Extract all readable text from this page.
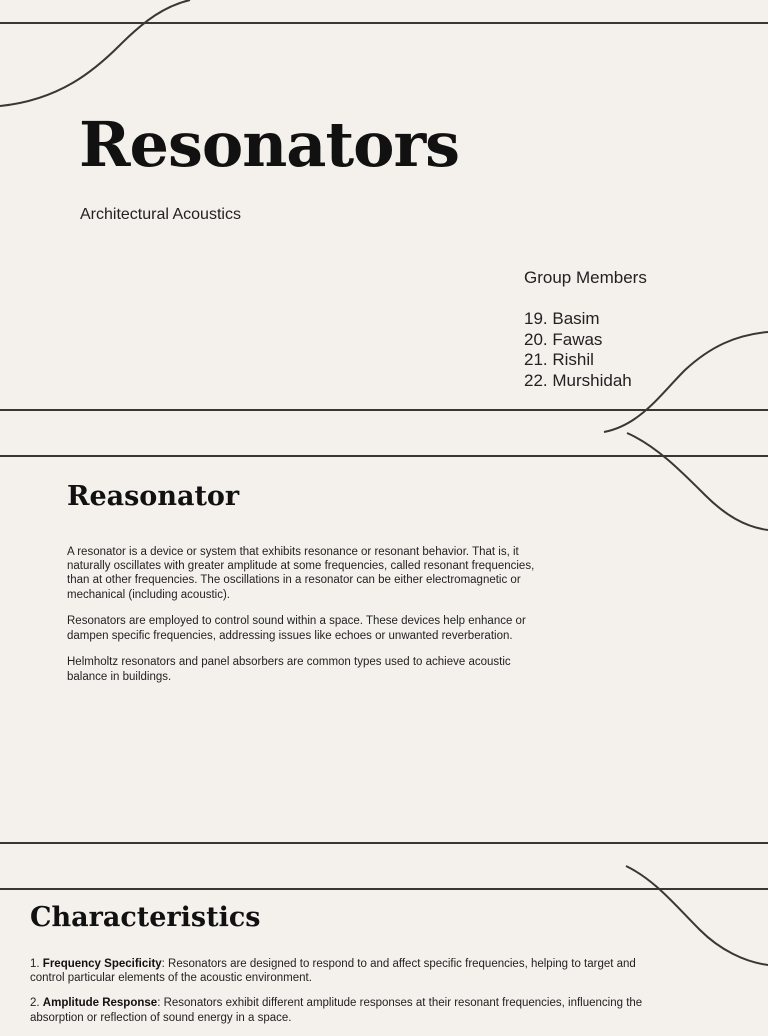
Resonators
Architectural Acoustics
Group Members
19. Basim
20. Fawas
21. Rishil
22. Murshidah
Reasonator

A resonator is a device or system that exhibits resonance or resonant behavior. That is, it naturally oscillates with greater amplitude at some frequencies, called resonant frequencies, than at other frequencies. The oscillations in a resonator can be either electromagnetic or mechanical (including acoustic).

Resonators are employed to control sound within a space. These devices help enhance or dampen specific frequencies, addressing issues like echoes or unwanted reverberation.

Helmholtz resonators and panel absorbers are common types used to achieve acoustic balance in buildings.

Characteristics

1. Frequency Specificity: Resonators are designed to respond to and affect specific frequencies, helping to target and control particular elements of the acoustic environment.

2. Amplitude Response: Resonators exhibit different amplitude responses at their resonant frequencies, influencing the absorption or reflection of sound energy in a space.
